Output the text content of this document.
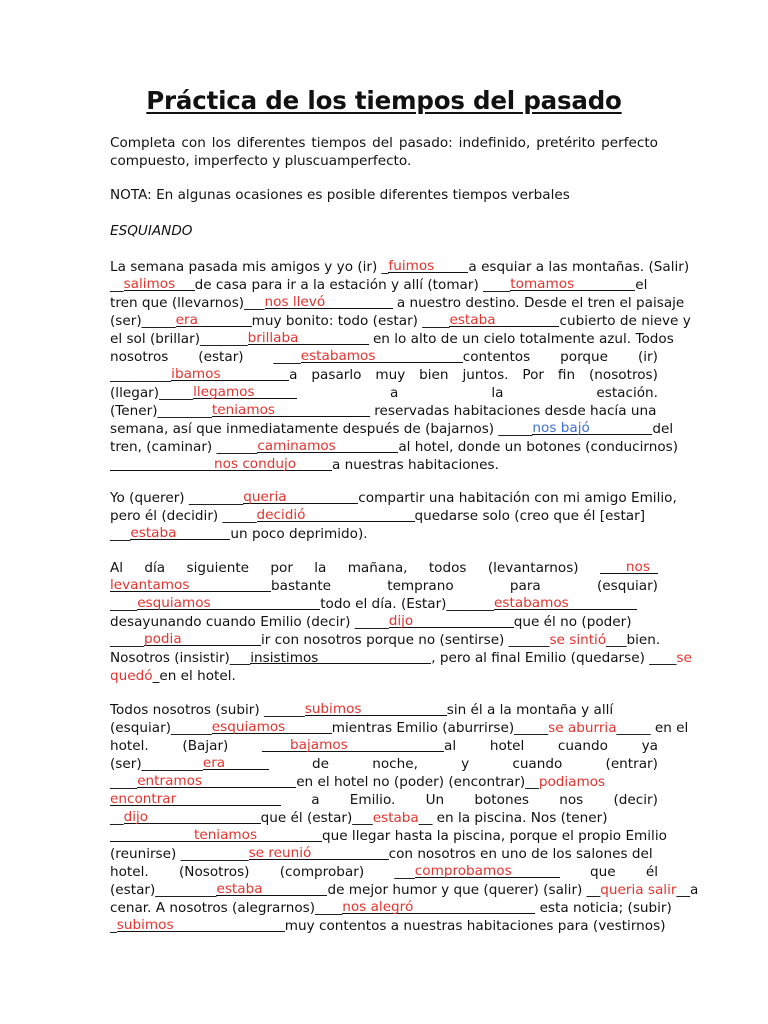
Práctica de los tiempos del pasado
Completa con los diferentes tiempos del pasado: indefinido, pretérito perfecto compuesto, imperfecto y pluscuamperfecto.
NOTA: En algunas ocasiones es posible diferentes tiempos verbales
ESQUIANDO
La semana pasada mis amigos y yo (ir) _fuimos	a esquiar a las montañas. (Salir)
__salimos de casa para ir a la estación y allí (tomar) ____tomamos	el
tren que (llevarnos)___nos llevó	a nuestro destino. Desde el tren el paisaje
(ser)_____era	muy bonito: todo (estar) ____estaba	cubierto de nieve y
el sol (brillar)_______brillaba	en lo alto de un cielo totalmente azul. Todos
nosotros (estar) ____estabamos	contentos porque (ir)
_________ibamos	a pasarlo muy bien juntos. Por fin (nosotros)
(llegar)_____llegamos	a	la	estación.
(Tener)________teniamos	reservadas habitaciones desde hacía una
semana, así que inmediatamente después de (bajarnos) _____nos bajó	del
tren, (caminar) ______caminamos	al hotel, donde un botones (conducirnos)
nos condujo	a nuestras habitaciones.
Yo (querer) ________queria	compartir una habitación con mi amigo Emilio,
pero él (decidir) _____decidió	quedarse solo (creo que él [estar]
___estaba	un poco deprimido).
Al día siguiente por la mañana, todos (levantarnos)	nos
levantamos	bastante	temprano	para	(esquiar)
____esquiamos	todo el día. (Estar)_______estabamos
desayunando cuando Emilio (decir) _____dijo	que él no (poder)
_____podia	ir con nosotros porque no (sentirse) ______se sintió___bien.
Nosotros (insistir)___insistimos	, pero al final Emilio (quedarse) ____se
quedó_en el hotel.
Todos nosotros (subir) ______subimos	sin él a la montaña y allí
(esquiar)______esquiamos	mientras Emilio (aburrirse)_____se aburria_____ en el
hotel. (Bajar)	bajamos	al hotel cuando ya
(ser)_________era	de	noche,	y	cuando	(entrar)
____entramos	en el hotel no (poder) (encontrar)__podiamos
encontrar	a Emilio. Un botones nos (decir)
__dijo	que él (estar)___estaba__ en la piscina. Nos (tener)
teniamos	que llegar hasta la piscina, porque el propio Emilio
(reunirse) __________se reunió	con nosotros en uno de los salones del
hotel. (Nosotros) (comprobar) ___comprobamos	que él
(estar)_________estaba	de mejor humor y que (querer) (salir) __queria salir__a
cenar. A nosotros (alegrarnos)____nos alegró	esta noticia; (subir)
_subimos	muy contentos a nuestras habitaciones para (vestirnos)
